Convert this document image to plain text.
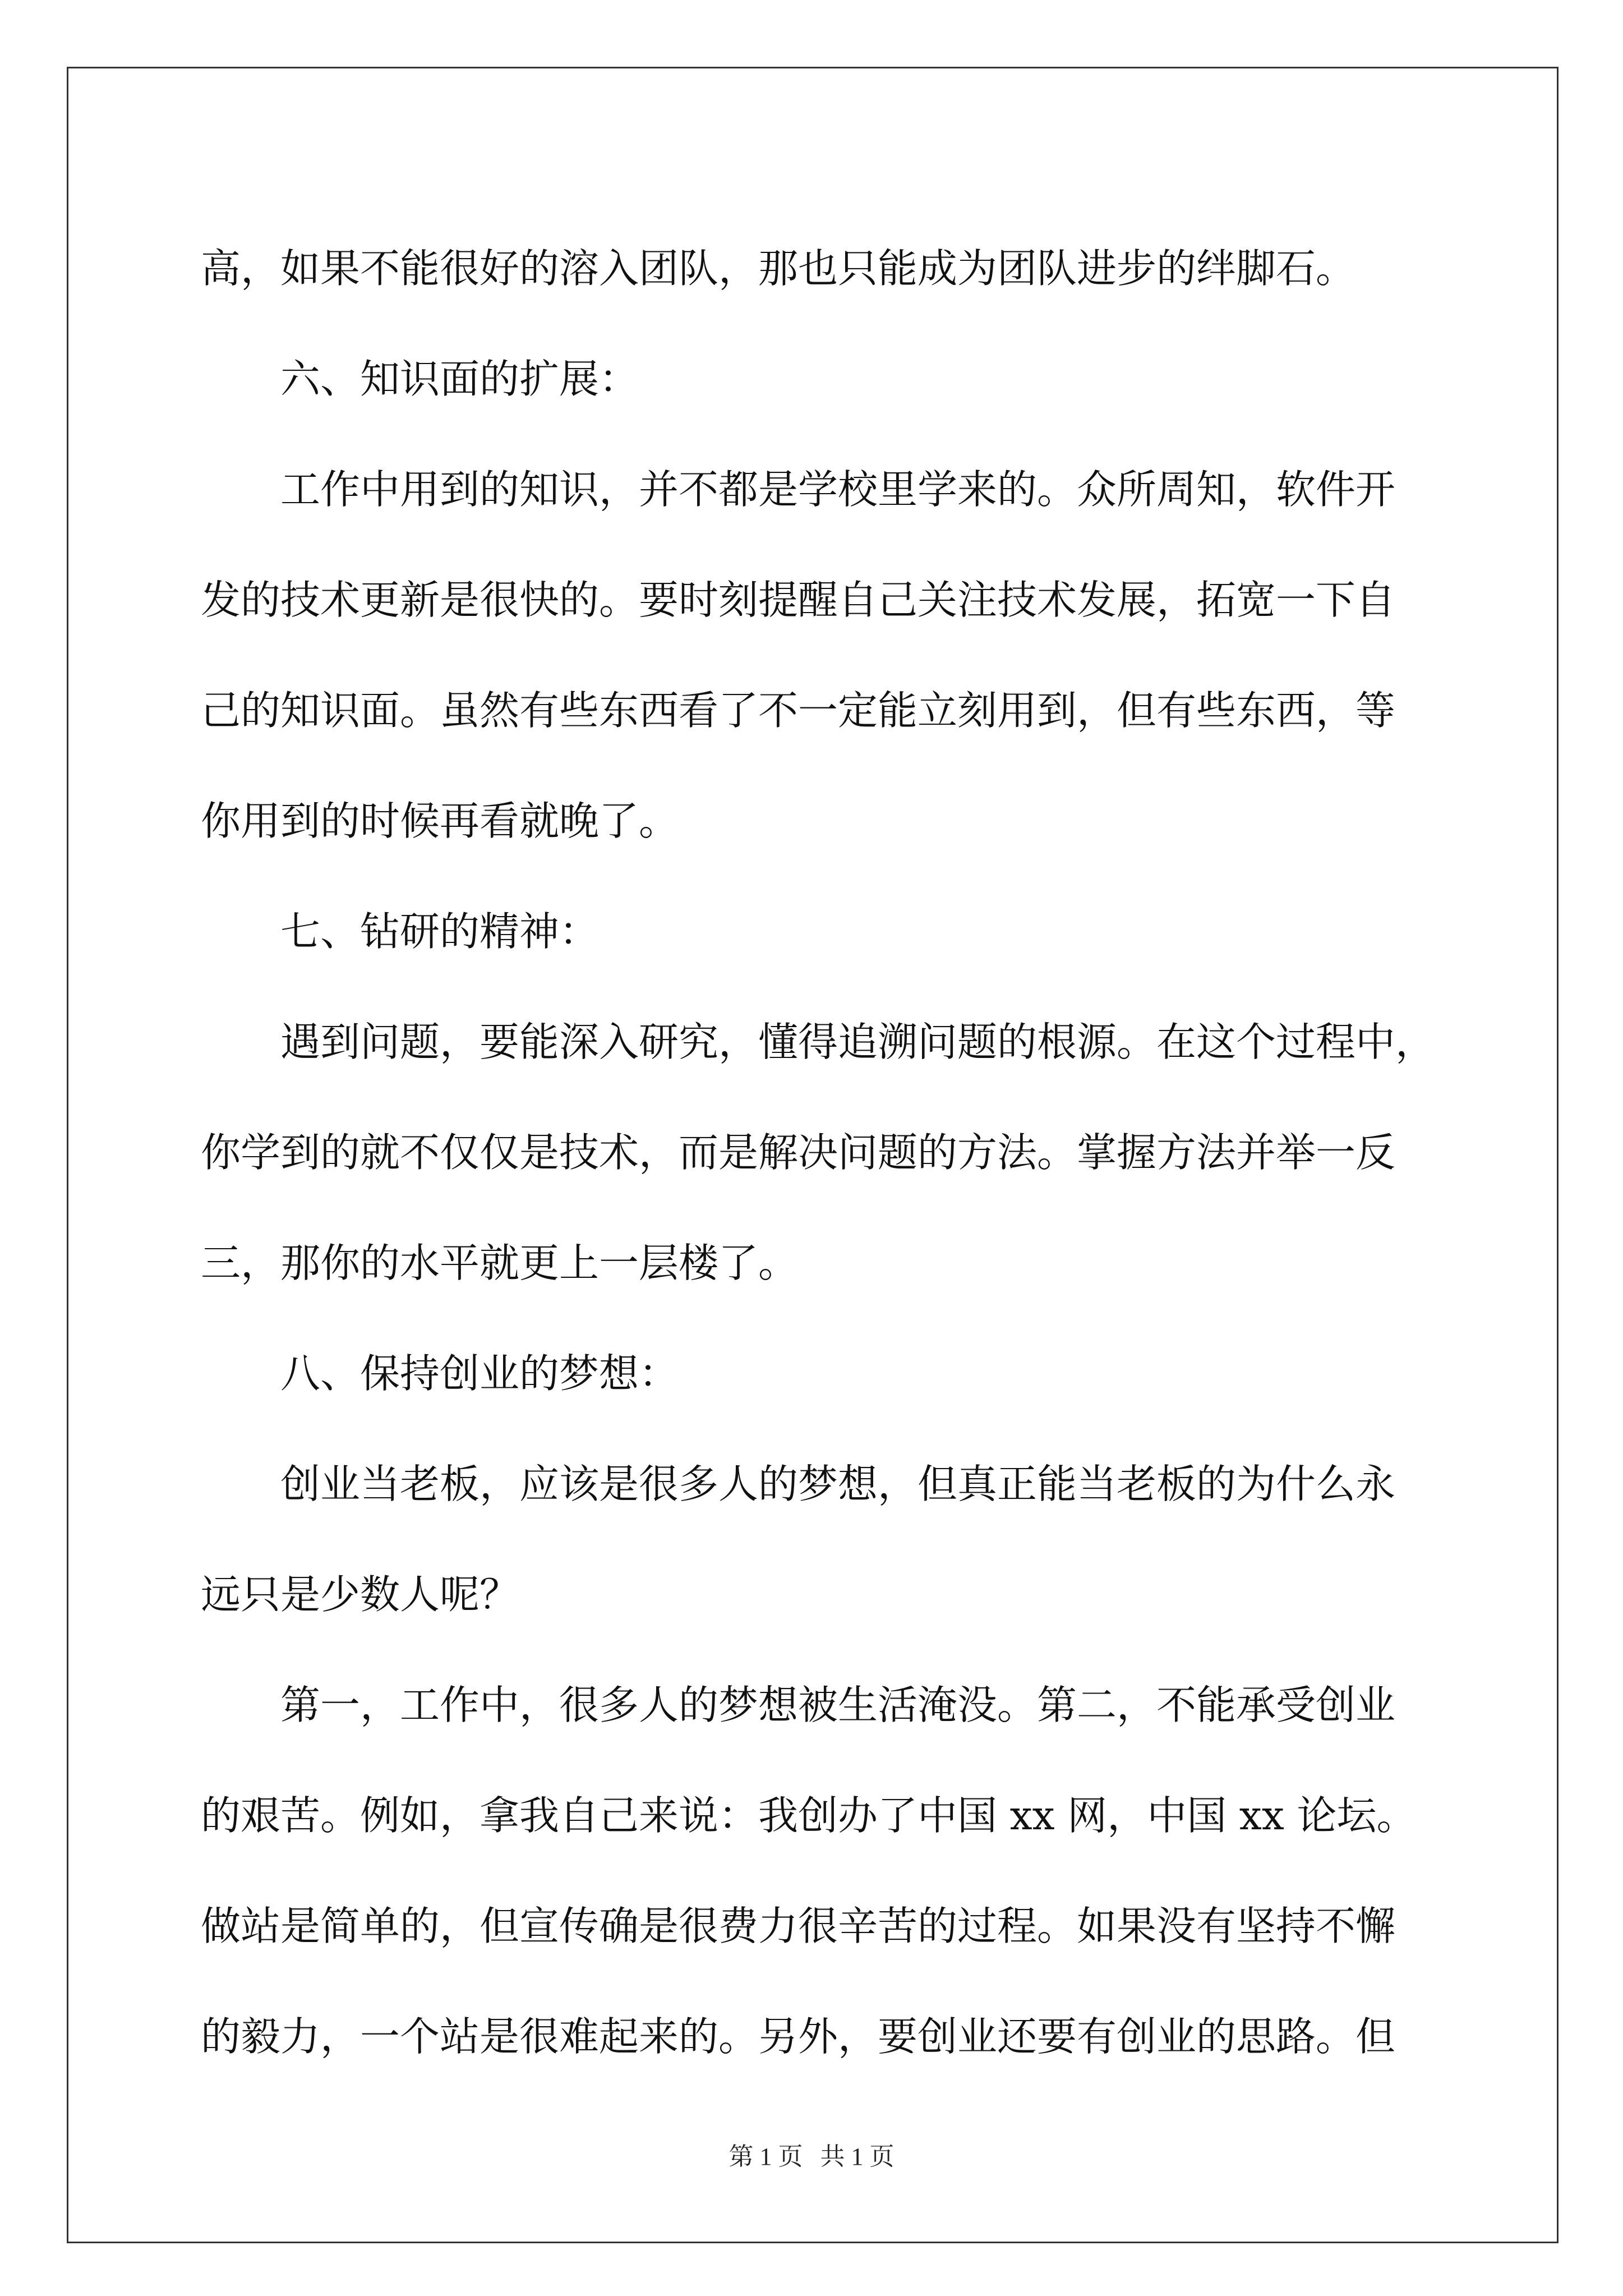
高，如果不能很好的溶入团队，那也只能成为团队进步的绊脚石。
六、知识面的扩展：
工作中用到的知识，并不都是学校里学来的。众所周知，软件开
发的技术更新是很快的。要时刻提醒自己关注技术发展，拓宽一下自
己的知识面。虽然有些东西看了不一定能立刻用到，但有些东西，等
你用到的时候再看就晚了。
七、钻研的精神：
遇到问题，要能深入研究，懂得追溯问题的根源。在这个过程中，
你学到的就不仅仅是技术，而是解决问题的方法。掌握方法并举一反
三，那你的水平就更上一层楼了。
八、保持创业的梦想：
创业当老板，应该是很多人的梦想，但真正能当老板的为什么永
远只是少数人呢？
第一，工作中，很多人的梦想被生活淹没。第二，不能承受创业
的艰苦。例如，拿我自己来说：我创办了中国 xx 网，中国 xx 论坛。
做站是简单的，但宣传确是很费力很辛苦的过程。如果没有坚持不懈
的毅力，一个站是很难起来的。另外，要创业还要有创业的思路。但
第 1 页 共 1 页
